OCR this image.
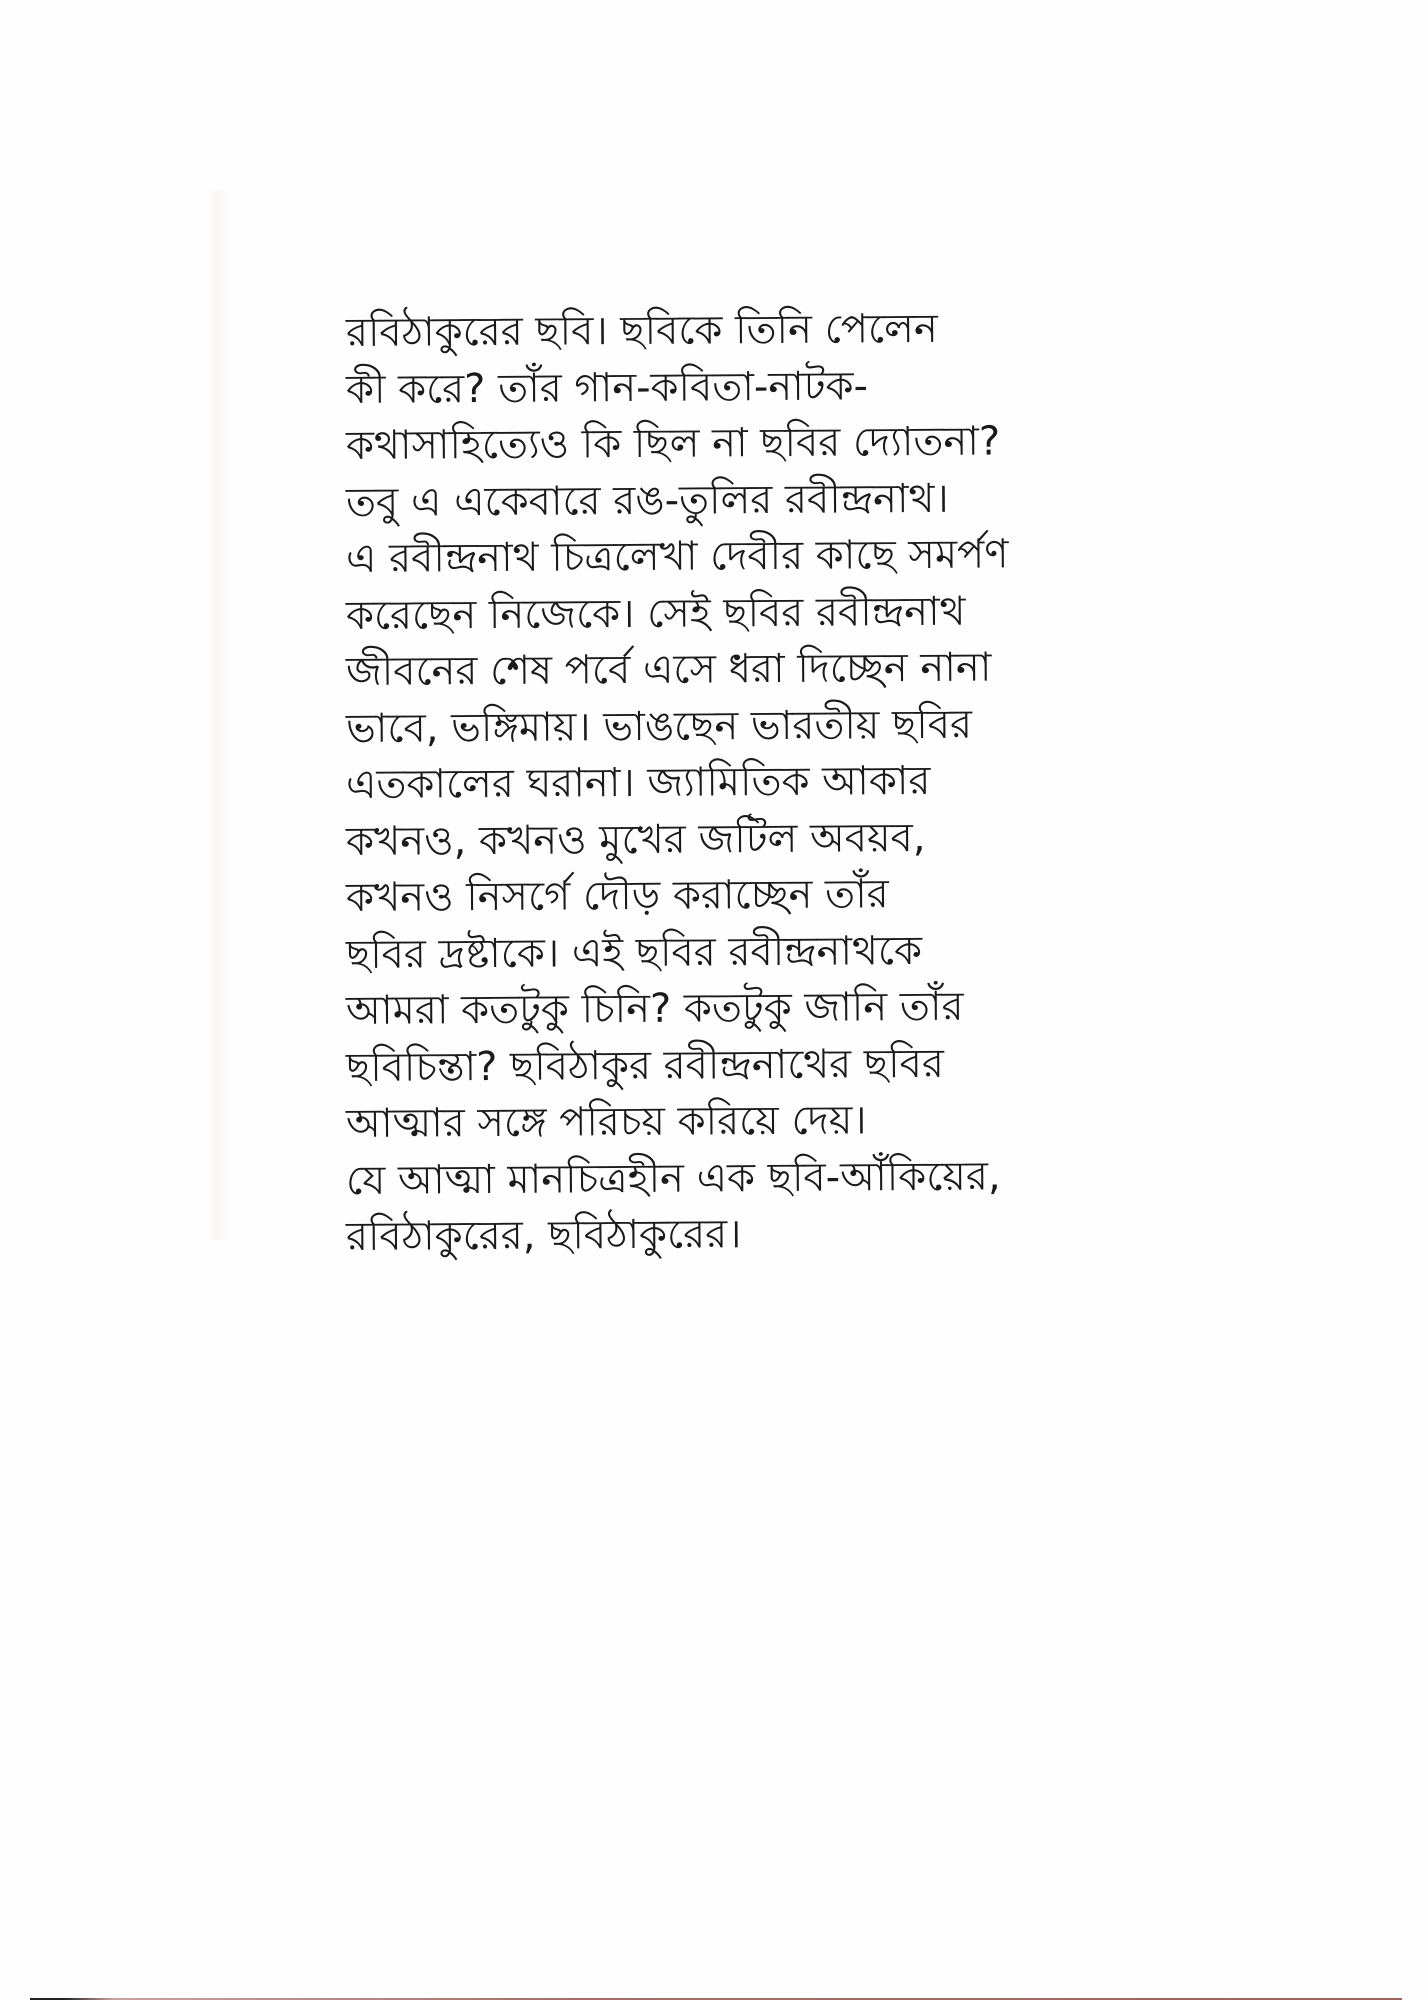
রবিঠাকুরের ছবি। ছবিকে তিনি পেলেন
কী করে? তাঁর গান-কবিতা-নাটক-
কথাসাহিত্যেও কি ছিল না ছবির দ্যোতনা?
তবু এ একেবারে রঙ-তুলির রবীন্দ্রনাথ।
এ রবীন্দ্রনাথ চিত্রলেখা দেবীর কাছে সমর্পণ
করেছেন নিজেকে। সেই ছবির রবীন্দ্রনাথ
জীবনের শেষ পর্বে এসে ধরা দিচ্ছেন নানা
ভাবে, ভঙ্গিমায়। ভাঙছেন ভারতীয় ছবির
এতকালের ঘরানা। জ্যামিতিক আকার
কখনও, কখনও মুখের জটিল অবয়ব,
কখনও নিসর্গে দৌড় করাচ্ছেন তাঁর
ছবির দ্রষ্টাকে। এই ছবির রবীন্দ্রনাথকে
আমরা কতটুকু চিনি? কতটুকু জানি তাঁর
ছবিচিন্তা? ছবিঠাকুর রবীন্দ্রনাথের ছবির
আত্মার সঙ্গে পরিচয় করিয়ে দেয়।
যে আত্মা মানচিত্রহীন এক ছবি-আঁকিয়ের,
রবিঠাকুরের, ছবিঠাকুরের।
